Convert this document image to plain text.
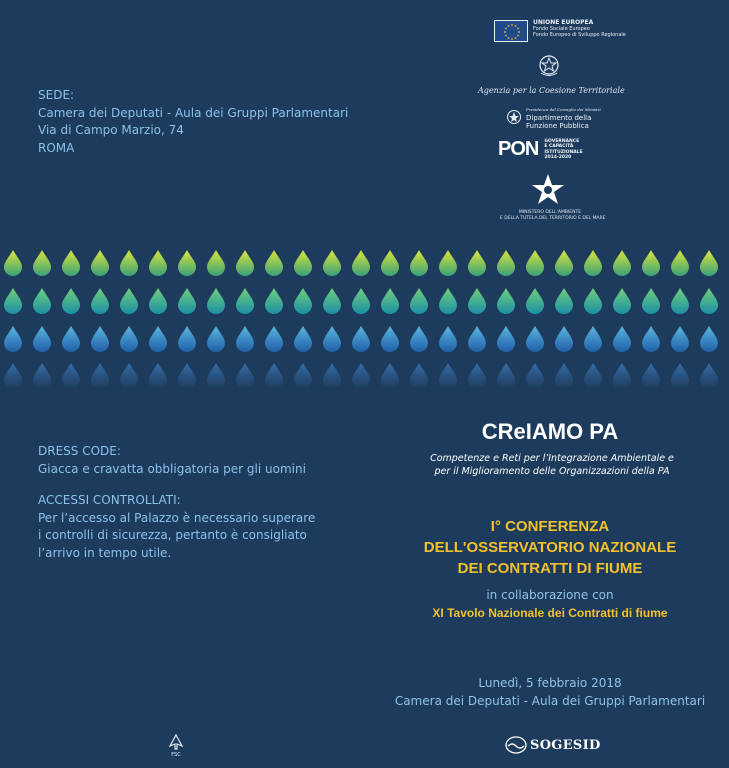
SEDE:
Camera dei Deputati - Aula dei Gruppi Parlamentari
Via di Campo Marzio, 74
ROMA
UNIONE EUROPEA
Fondo Sociale Europeo
Fondo Europeo di Sviluppo Regionale
Agenzia per la Coesione Territoriale
Presidenza del Consiglio dei Ministri
Dipartimento della
Funzione Pubblica
PON GOVERNANCE
E CAPACITÀ
ISTITUZIONALE
2014-2020
MINISTERO DELL'AMBIENTE
E DELLA TUTELA DEL TERRITORIO E DEL MARE
DRESS CODE:
Giacca e cravatta obbligatoria per gli uomini
ACCESSI CONTROLLATI:
Per l’accesso al Palazzo è necessario superare
i controlli di sicurezza, pertanto è consigliato
l’arrivo in tempo utile.
CReIAMO PA
Competenze e Reti per l’Integrazione Ambientale e
per il Miglioramento delle Organizzazioni della PA
I° CONFERENZA
DELL'OSSERVATORIO NAZIONALE
DEI CONTRATTI DI FIUME
in collaborazione con
XI Tavolo Nazionale dei Contratti di fiume
Lunedì, 5 febbraio 2018
Camera dei Deputati - Aula dei Gruppi Parlamentari
FSC
SOGESID
